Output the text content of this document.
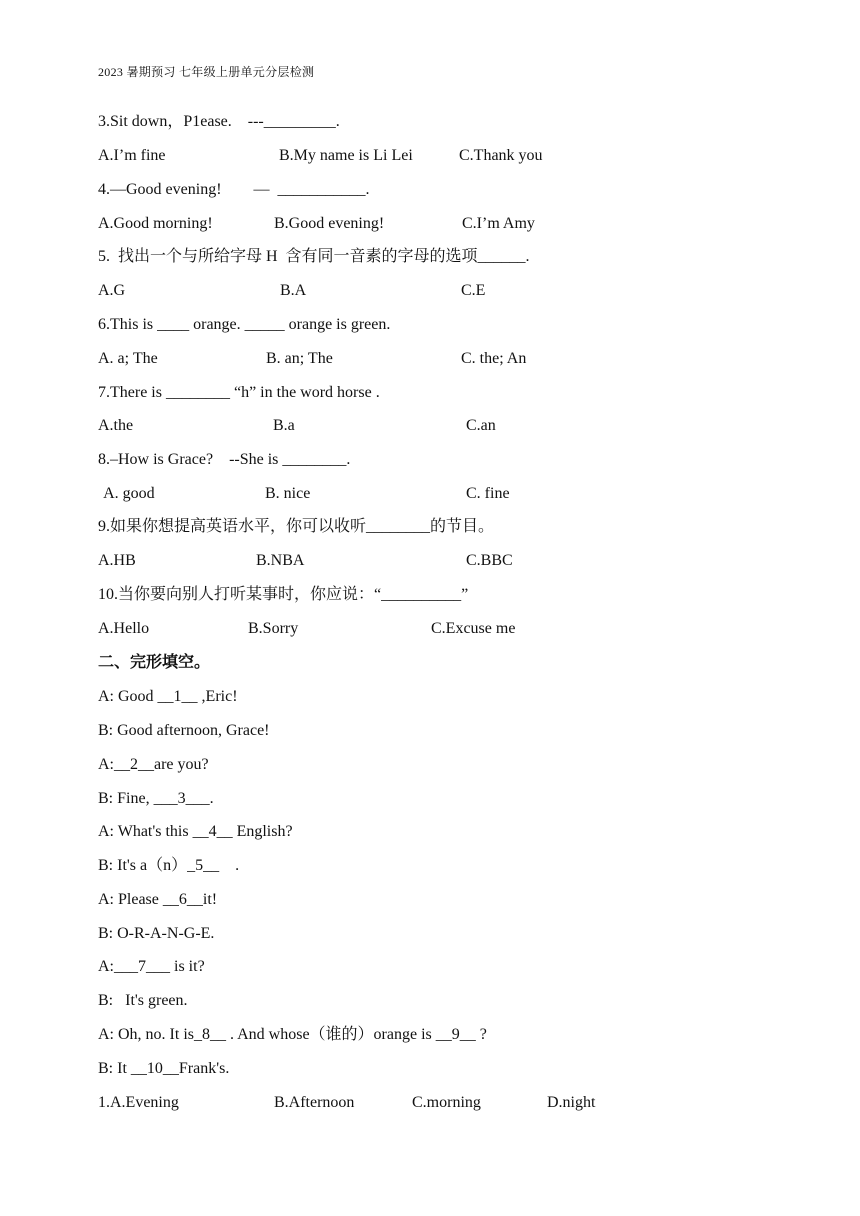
2023 暑期预习 七年级上册单元分层检测
3.Sit down，P1ease.    ---_________.
A.I’m fine	B.My name is Li Lei	C.Thank you
4.—Good evening!        —  ___________.
A.Good morning!	B.Good evening!	C.I’m Amy
5.  找出一个与所给字母 H  含有同一音素的字母的选项______.
A.G	B.A	C.E
6.This is ____ orange. _____ orange is green.
A. a; The	B. an; The	C. the; An
7.There is ________ “h” in the word horse .
A.the	B.a	C.an
8.–How is Grace?    --She is ________.
A. good	B. nice	C. fine
9.如果你想提高英语水平，你可以收听________的节目。
A.HB	B.NBA	C.BBC
10.当你要向别人打听某事时，你应说：“__________”
A.Hello	B.Sorry	C.Excuse me
二、完形填空。
A: Good __1__ ,Eric!
B: Good afternoon, Grace!
A:__2__are you?
B: Fine, ___3___.
A: What's this __4__ English?
B: It's a（n）_5__    .
A: Please __6__it!
B: O-R-A-N-G-E.
A:___7___ is it?
B:   It's green.
A: Oh, no. It is_8__ . And whose（谁的）orange is __9__ ?
B: It __10__Frank's.
1.A.Evening	B.Afternoon	C.morning	D.night
